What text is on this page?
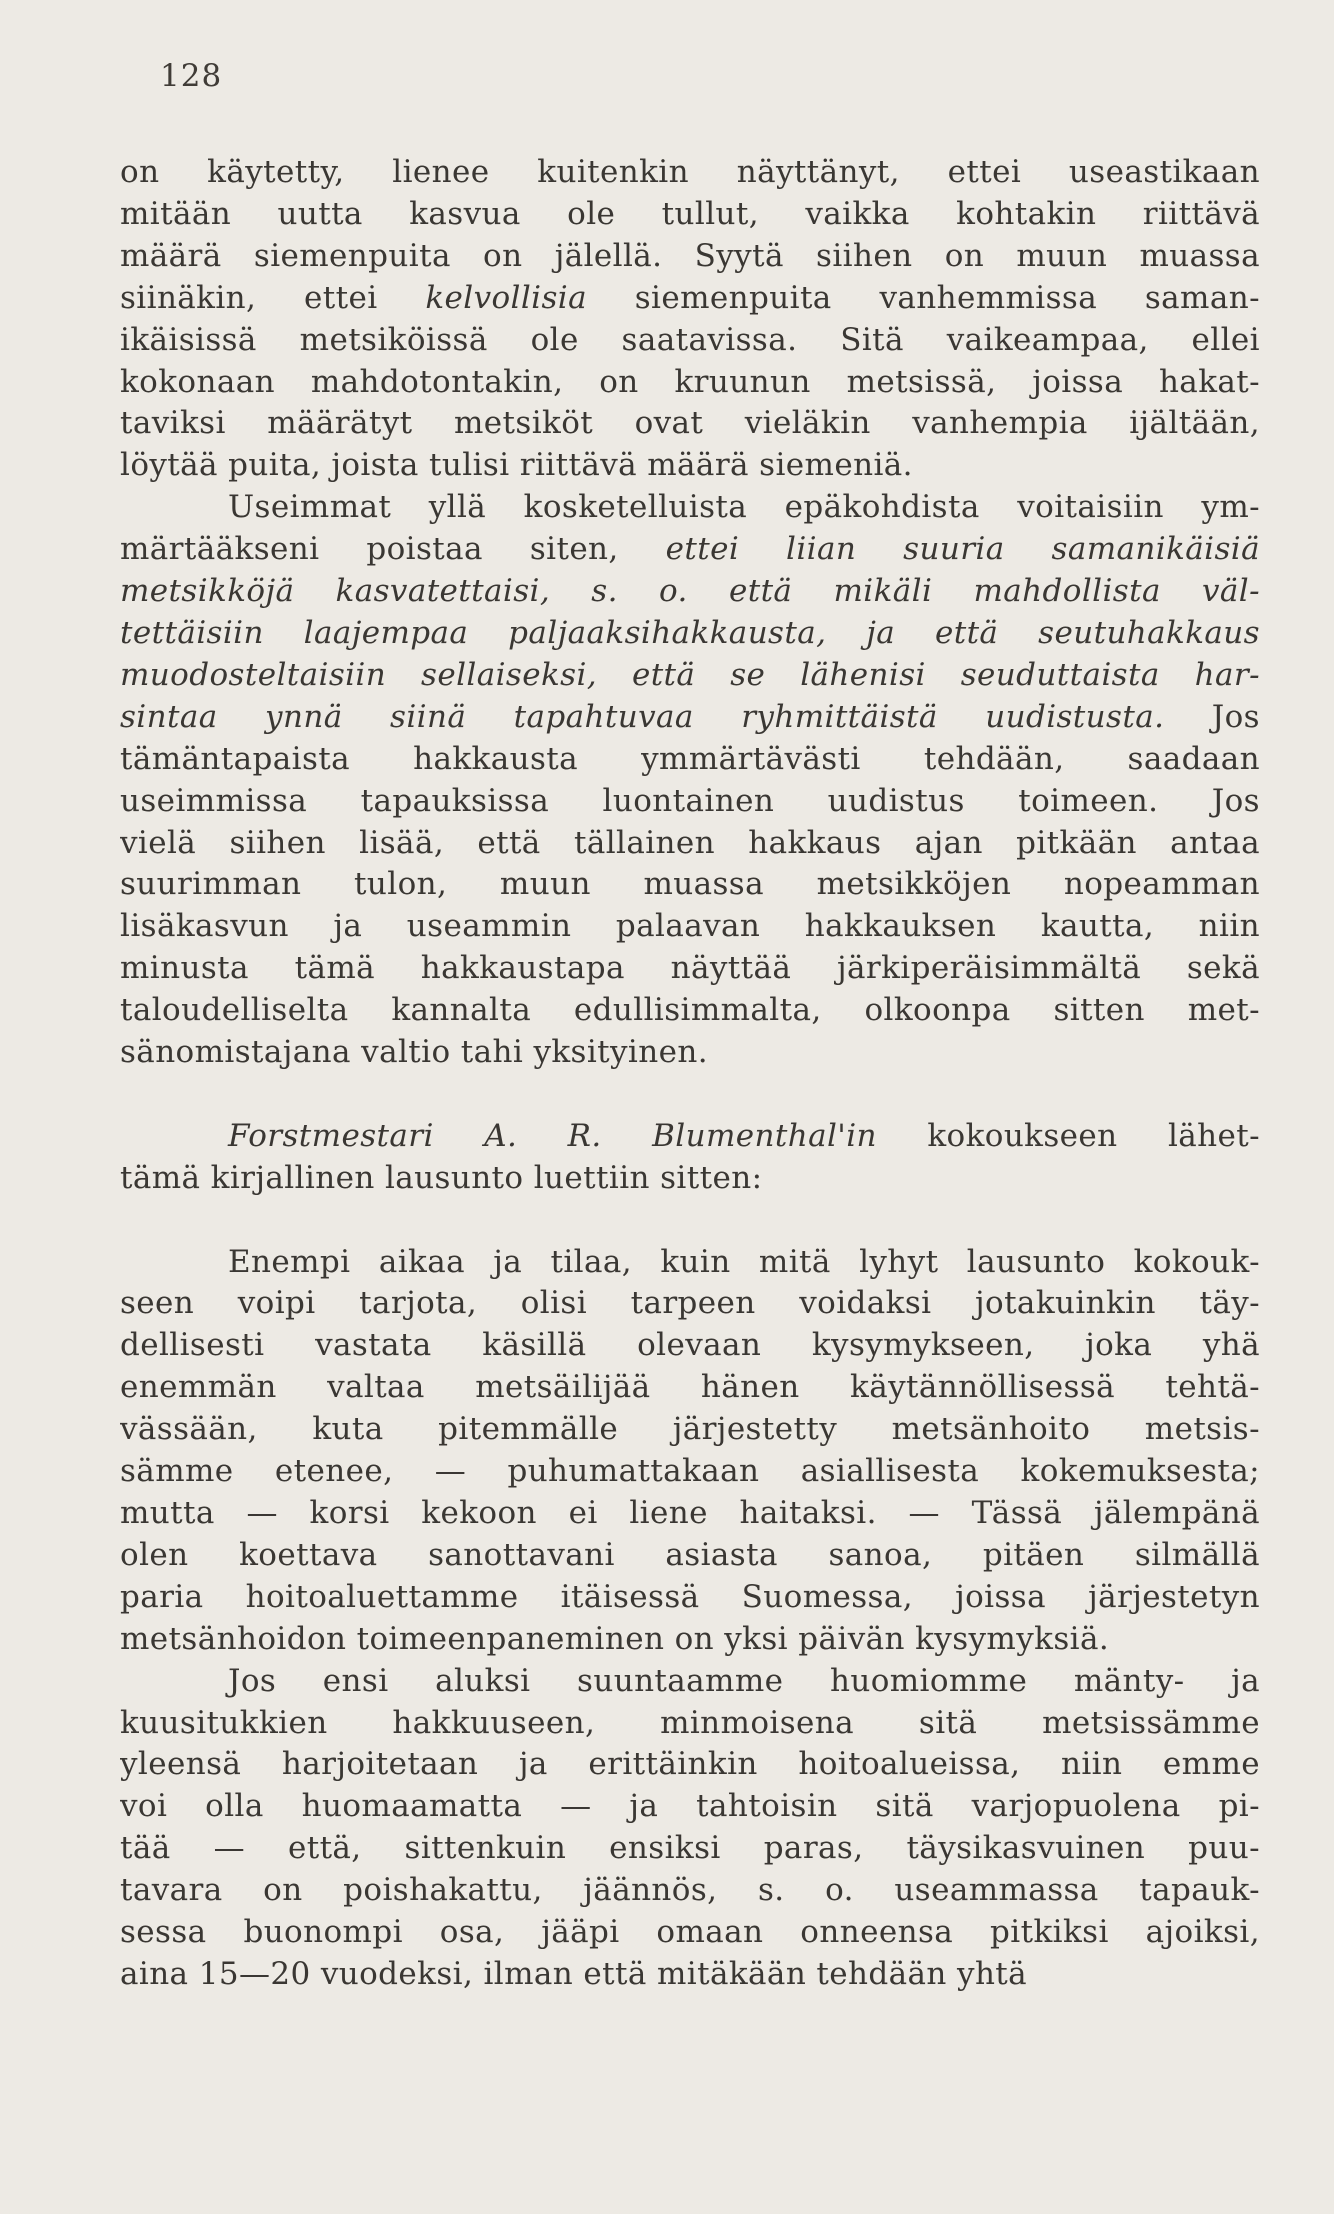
128
on käytetty, lienee kuitenkin näyttänyt, ettei useastikaan
mitään uutta kasvua ole tullut, vaikka kohtakin riittävä
määrä siemenpuita on jälellä. Syytä siihen on muun muassa
siinäkin, ettei kelvollisia siemenpuita vanhemmissa saman-
ikäisissä metsiköissä ole saatavissa. Sitä vaikeampaa, ellei
kokonaan mahdotontakin, on kruunun metsissä, joissa hakat-
taviksi määrätyt metsiköt ovat vieläkin vanhempia ijältään,
löytää puita, joista tulisi riittävä määrä siemeniä.
Useimmat yllä kosketelluista epäkohdista voitaisiin ym-
märtääkseni poistaa siten, ettei liian suuria samanikäisiä
metsikköjä kasvatettaisi, s. o. että mikäli mahdollista väl-
tettäisiin laajempaa paljaaksihakkausta, ja että seutuhakkaus
muodosteltaisiin sellaiseksi, että se lähenisi seuduttaista har-
sintaa ynnä siinä tapahtuvaa ryhmittäistä uudistusta. Jos
tämäntapaista hakkausta ymmärtävästi tehdään, saadaan
useimmissa tapauksissa luontainen uudistus toimeen. Jos
vielä siihen lisää, että tällainen hakkaus ajan pitkään antaa
suurimman tulon, muun muassa metsikköjen nopeamman
lisäkasvun ja useammin palaavan hakkauksen kautta, niin
minusta tämä hakkaustapa näyttää järkiperäisimmältä sekä
taloudelliselta kannalta edullisimmalta, olkoonpa sitten met-
sänomistajana valtio tahi yksityinen.
Forstmestari A. R. Blumenthal'in kokoukseen lähet-
tämä kirjallinen lausunto luettiin sitten:
Enempi aikaa ja tilaa, kuin mitä lyhyt lausunto kokouk-
seen voipi tarjota, olisi tarpeen voidaksi jotakuinkin täy-
dellisesti vastata käsillä olevaan kysymykseen, joka yhä
enemmän valtaa metsäilijää hänen käytännöllisessä tehtä-
vässään, kuta pitemmälle järjestetty metsänhoito metsis-
sämme etenee, — puhumattakaan asiallisesta kokemuksesta;
mutta — korsi kekoon ei liene haitaksi. — Tässä jälempänä
olen koettava sanottavani asiasta sanoa, pitäen silmällä
paria hoitoaluettamme itäisessä Suomessa, joissa järjestetyn
metsänhoidon toimeenpaneminen on yksi päivän kysymyksiä.
Jos ensi aluksi suuntaamme huomiomme mänty- ja
kuusitukkien hakkuuseen, minmoisena sitä metsissämme
yleensä harjoitetaan ja erittäinkin hoitoalueissa, niin emme
voi olla huomaamatta — ja tahtoisin sitä varjopuolena pi-
tää — että, sittenkuin ensiksi paras, täysikasvuinen puu-
tavara on poishakattu, jäännös, s. o. useammassa tapauk-
sessa buonompi osa, jääpi omaan onneensa pitkiksi ajoiksi,
aina 15—20 vuodeksi, ilman että mitäkään tehdään yhtä
